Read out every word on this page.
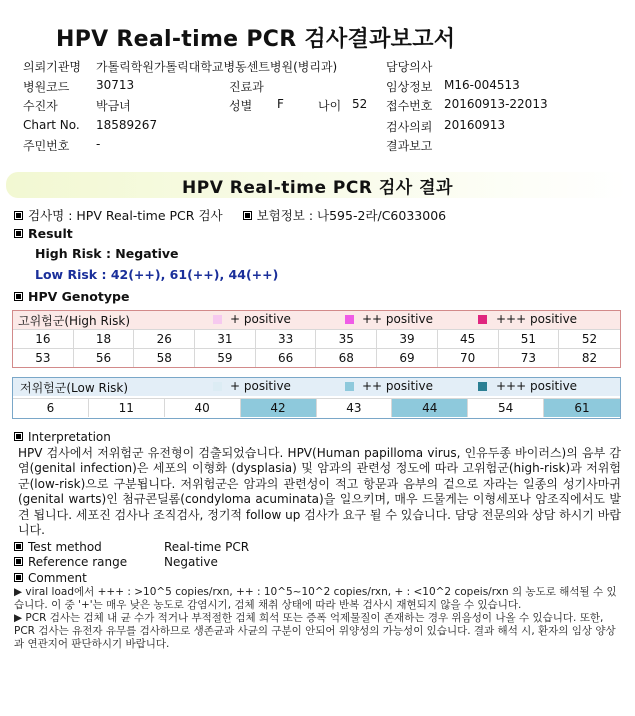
HPV Real-time PCR 검사결과보고서
의뢰기관명 가톨릭학원가톨릭대학교병동센트병원(병리과)	담당의사
병원코드 30713	진료과	임상정보 M16-004513
수진자	박금녀	성별 F	나이 52 접수번호 20160913-22013
Chart No. 18589267	검사의뢰 20160913
주민번호 -	결과보고
HPV Real-time PCR 검사 결과
검사명 : HPV Real-time PCR 검사	보험정보 : 나595-2라/C6033006
Result
High Risk : Negative
Low Risk : 42(++), 61(++), 44(++)
HPV Genotype
고위험군(High Risk)	+ positive	++ positive	+++ positive
16	18	26	31	33	35	39	45	51	52
53	56	58	59	66	68	69	70	73	82
저위험군(Low Risk)	+ positive	++ positive	+++ positive
6	11	40	42	43	44	54	61
Interpretation
HPV 검사에서 저위험군 유전형이 검출되었습니다. HPV(Human papilloma virus, 인유두종 바이러스)의 음부 감염(genital infection)은 세포의 이형화 (dysplasia) 및 암과의 관련성 정도에 따라 고위험군(high-risk)과 저위험군(low-risk)으로 구분됩니다. 저위험군은 암과의 관련성이 적고 항문과 음부의 겉으로 자라는 일종의 성기사마귀(genital warts)인 첨규콘딜롬(condyloma acuminata)을 일으키며, 매우 드물게는 이형세포나 암조직에서도 발견 됩니다. 세포진 검사나 조직검사, 정기적 follow up 검사가 요구 될 수 있습니다. 담당 전문의와 상담 하시기 바랍니다.
Test method	Real-time PCR
Reference range	Negative
Comment
▶ viral load에서 +++ : >10^5 copies/rxn, ++ : 10^5~10^2 copies/rxn, + : <10^2 copeis/rxn 의 농도로 해석될 수 있습니다. 이 중 '+'는 매우 낮은 농도로 감염시기, 검체 채취 상태에 따라 반복 검사시 재현되지 않을 수 있습니다.
▶ PCR 검사는 검체 내 균 수가 적거나 부적절한 검체 희석 또는 증폭 억제물질이 존재하는 경우 위음성이 나올 수 있습니다. 또한, PCR 검사는 유전자 유무를 검사하므로 생존균과 사균의 구분이 안되어 위양성의 가능성이 있습니다. 결과 해석 시, 환자의 임상 양상과 연관지어 판단하시기 바랍니다.
